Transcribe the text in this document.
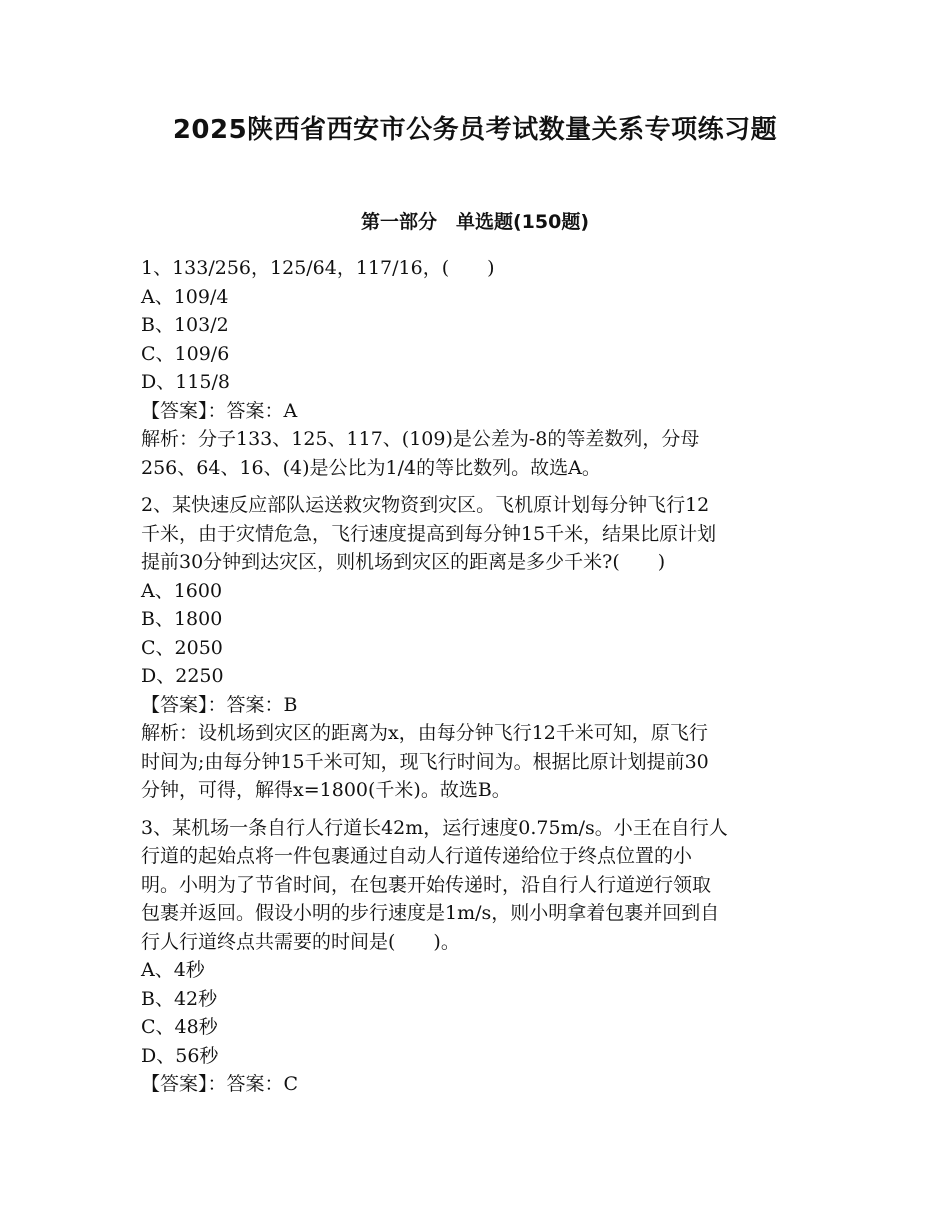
2025陕西省西安市公务员考试数量关系专项练习题
第一部分　单选题(150题)
1、133/256，125/64，117/16，(　　)
A、109/4
B、103/2
C、109/6
D、115/8
【答案】：答案：A
解析：分子133、125、117、(109)是公差为-8的等差数列，分母
256、64、16、(4)是公比为1/4的等比数列。故选A。
2、某快速反应部队运送救灾物资到灾区。飞机原计划每分钟飞行12
千米，由于灾情危急，飞行速度提高到每分钟15千米，结果比原计划
提前30分钟到达灾区，则机场到灾区的距离是多少千米?(　　)
A、1600
B、1800
C、2050
D、2250
【答案】：答案：B
解析：设机场到灾区的距离为x，由每分钟飞行12千米可知，原飞行
时间为;由每分钟15千米可知，现飞行时间为。根据比原计划提前30
分钟，可得，解得x=1800(千米)。故选B。
3、某机场一条自行人行道长42m，运行速度0.75m/s。小王在自行人
行道的起始点将一件包裹通过自动人行道传递给位于终点位置的小
明。小明为了节省时间，在包裹开始传递时，沿自行人行道逆行领取
包裹并返回。假设小明的步行速度是1m/s，则小明拿着包裹并回到自
行人行道终点共需要的时间是(　　)。
A、4秒
B、42秒
C、48秒
D、56秒
【答案】：答案：C
